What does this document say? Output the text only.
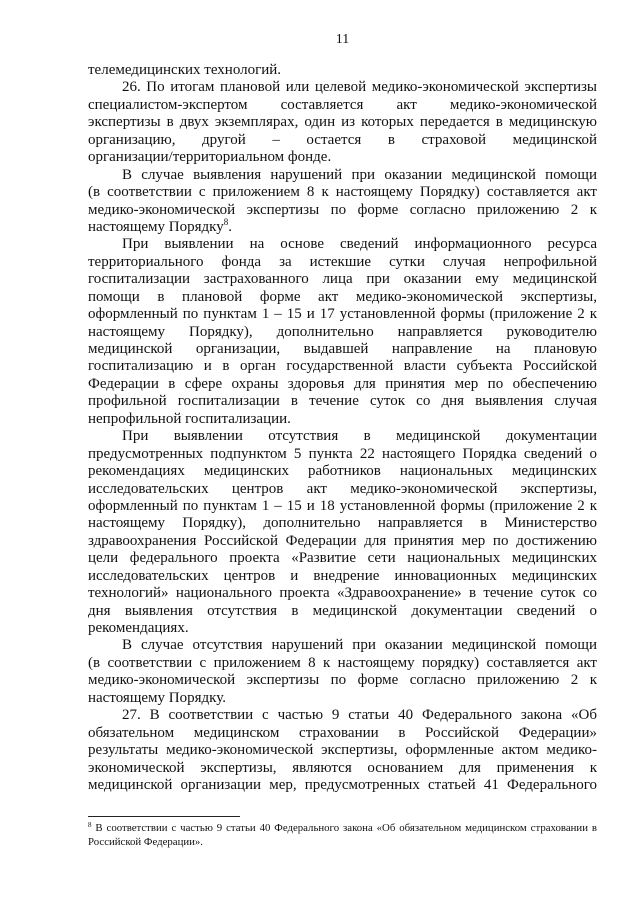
11
телемедицинских технологий.
26. По итогам плановой или целевой медико-экономической экспертизы
специалистом-экспертом составляется акт медико-экономической
экспертизы в двух экземплярах, один из которых передается в медицинскую
организацию, другой – остается в страховой медицинской
организации/территориальном фонде.
В случае выявления нарушений при оказании медицинской помощи
(в соответствии с приложением 8 к настоящему Порядку) составляется акт
медико-экономической экспертизы по форме согласно приложению 2 к
настоящему Порядку$^8$.
При выявлении на основе сведений информационного ресурса
территориального фонда за истекшие сутки случая непрофильной
госпитализации застрахованного лица при оказании ему медицинской
помощи в плановой форме акт медико-экономической экспертизы,
оформленный по пунктам 1 – 15 и 17 установленной формы (приложение 2 к
настоящему Порядку), дополнительно направляется руководителю
медицинской организации, выдавшей направление на плановую
госпитализацию и в орган государственной власти субъекта Российской
Федерации в сфере охраны здоровья для принятия мер по обеспечению
профильной госпитализации в течение суток со дня выявления случая
непрофильной госпитализации.
При выявлении отсутствия в медицинской документации
предусмотренных подпунктом 5 пункта 22 настоящего Порядка сведений о
рекомендациях медицинских работников национальных медицинских
исследовательских центров акт медико-экономической экспертизы,
оформленный по пунктам 1 – 15 и 18 установленной формы (приложение 2 к
настоящему Порядку), дополнительно направляется в Министерство
здравоохранения Российской Федерации для принятия мер по достижению
цели федерального проекта «Развитие сети национальных медицинских
исследовательских центров и внедрение инновационных медицинских
технологий» национального проекта «Здравоохранение» в течение суток со
дня выявления отсутствия в медицинской документации сведений о
рекомендациях.
В случае отсутствия нарушений при оказании медицинской помощи
(в соответствии с приложением 8 к настоящему порядку) составляется акт
медико-экономической экспертизы по форме согласно приложению 2 к
настоящему Порядку.
27. В соответствии с частью 9 статьи 40 Федерального закона «Об
обязательном медицинском страховании в Российской Федерации»
результаты медико-экономической экспертизы, оформленные актом медико-
экономической экспертизы, являются основанием для применения к
медицинской организации мер, предусмотренных статьей 41 Федерального
$^8$ В соответствии с частью 9 статьи 40 Федерального закона «Об обязательном медицинском страховании в
Российской Федерации».
